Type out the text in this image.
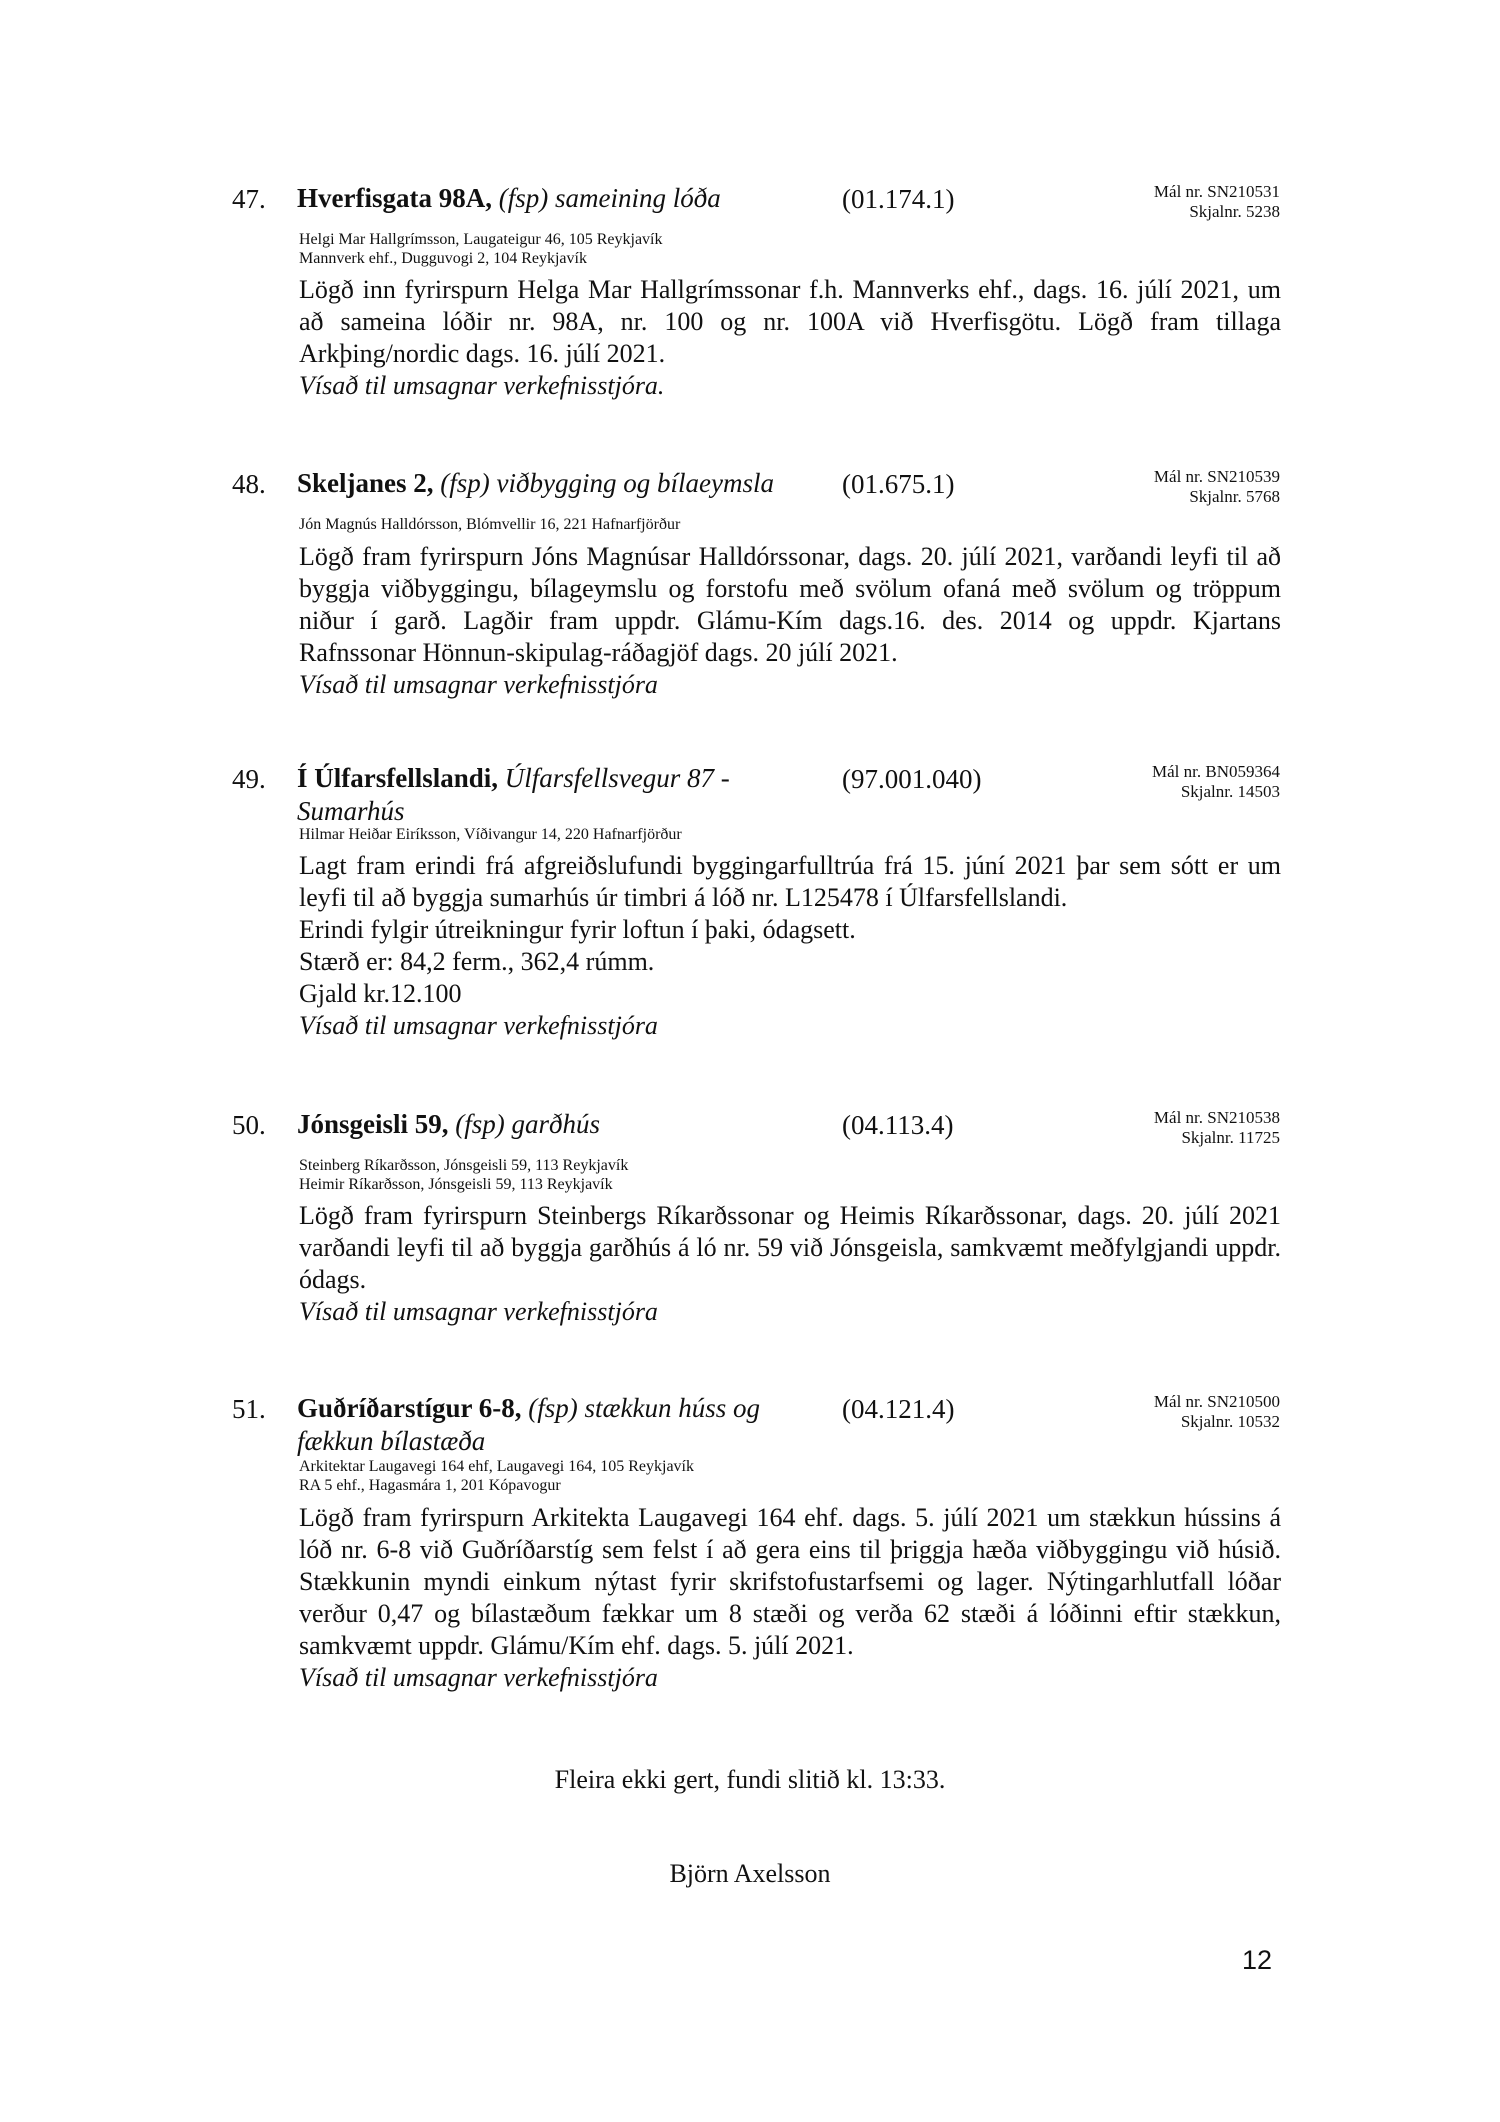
47. Hverfisgata 98A, (fsp) sameining lóða	(01.174.1)	Mál nr. SN210531
Skjalnr. 5238
Helgi Mar Hallgrímsson, Laugateigur 46, 105 Reykjavík
Mannverk ehf., Dugguvogi 2, 104 Reykjavík

Lögð inn fyrirspurn Helga Mar Hallgrímssonar f.h. Mannverks ehf., dags. 16. júlí 2021, um að sameina lóðir nr. 98A, nr. 100 og nr. 100A við Hverfisgötu. Lögð fram tillaga Arkþing/nordic dags. 16. júlí 2021.

Vísað til umsagnar verkefnisstjóra.

48. Skeljanes 2, (fsp) viðbygging og bílaeymsla	(01.675.1)	Mál nr. SN210539
Skjalnr. 5768
Jón Magnús Halldórsson, Blómvellir 16, 221 Hafnarfjörður

Lögð fram fyrirspurn Jóns Magnúsar Halldórssonar, dags. 20. júlí 2021, varðandi leyfi til að byggja viðbyggingu, bílageymslu og forstofu með svölum ofaná með svölum og tröppum niður í garð. Lagðir fram uppdr. Glámu-Kím dags.16. des. 2014 og uppdr. Kjartans Rafnssonar Hönnun-skipulag-ráðagjöf dags. 20 júlí 2021.

Vísað til umsagnar verkefnisstjóra

49. Í Úlfarsfellslandi, Úlfarsfellsvegur 87 - Sumarhús
(97.001.040)	Mál nr. BN059364
Skjalnr. 14503
Hilmar Heiðar Eiríksson, Víðivangur 14, 220 Hafnarfjörður

Lagt fram erindi frá afgreiðslufundi byggingarfulltrúa frá 15. júní 2021 þar sem sótt er um leyfi til að byggja sumarhús úr timbri á lóð nr. L125478 í Úlfarsfellslandi.

Erindi fylgir útreikningur fyrir loftun í þaki, ódagsett.

Stærð er: 84,2 ferm., 362,4 rúmm.

Gjald kr.12.100

Vísað til umsagnar verkefnisstjóra

50. Jónsgeisli 59, (fsp) garðhús	(04.113.4)	Mál nr. SN210538
Skjalnr. 11725
Steinberg Ríkarðsson, Jónsgeisli 59, 113 Reykjavík
Heimir Ríkarðsson, Jónsgeisli 59, 113 Reykjavík

Lögð fram fyrirspurn Steinbergs Ríkarðssonar og Heimis Ríkarðssonar, dags. 20. júlí 2021 varðandi leyfi til að byggja garðhús á ló nr. 59 við Jónsgeisla, samkvæmt meðfylgjandi uppdr. ódags.

Vísað til umsagnar verkefnisstjóra

51. Guðríðarstígur 6-8, (fsp) stækkun húss og fækkun bílastæða
(04.121.4)	Mál nr. SN210500
Skjalnr. 10532
Arkitektar Laugavegi 164 ehf, Laugavegi 164, 105 Reykjavík
RA 5 ehf., Hagasmára 1, 201 Kópavogur

Lögð fram fyrirspurn Arkitekta Laugavegi 164 ehf. dags. 5. júlí 2021 um stækkun hússins á lóð nr. 6-8 við Guðríðarstíg sem felst í að gera eins til þriggja hæða viðbyggingu við húsið. Stækkunin myndi einkum nýtast fyrir skrifstofustarfsemi og lager. Nýtingarhlutfall lóðar verður 0,47 og bílastæðum fækkar um 8 stæði og verða 62 stæði á lóðinni eftir stækkun, samkvæmt uppdr. Glámu/Kím ehf. dags. 5. júlí 2021.

Vísað til umsagnar verkefnisstjóra

Fleira ekki gert, fundi slitið kl. 13:33.
Björn Axelsson
12
